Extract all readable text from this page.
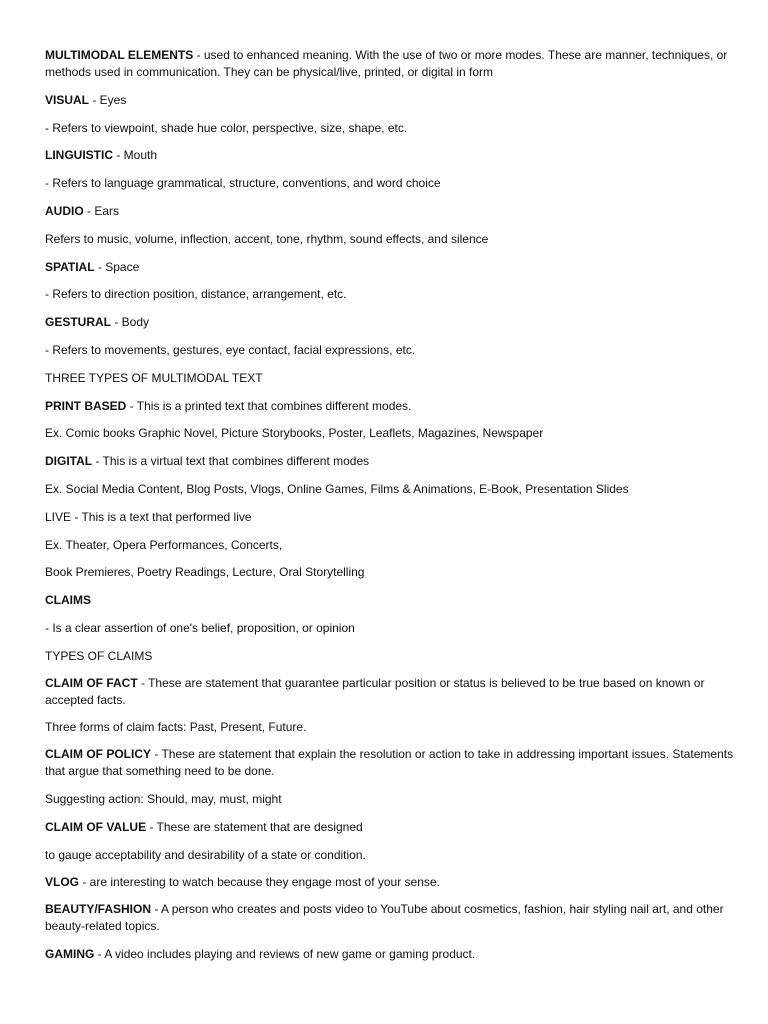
MULTIMODAL ELEMENTS - used to enhanced meaning. With the use of two or more modes. These are manner, techniques, or methods used in communication. They can be physical/live, printed, or digital in form

VISUAL - Eyes

- Refers to viewpoint, shade hue color, perspective, size, shape, etc.

LINGUISTIC - Mouth

- Refers to language grammatical, structure, conventions, and word choice

AUDIO - Ears

Refers to music, volume, inflection, accent, tone, rhythm, sound effects, and silence

SPATIAL - Space

- Refers to direction position, distance, arrangement, etc.

GESTURAL - Body

- Refers to movements, gestures, eye contact, facial expressions, etc.

THREE TYPES OF MULTIMODAL TEXT

PRINT BASED - This is a printed text that combines different modes.

Ex. Comic books Graphic Novel, Picture Storybooks, Poster, Leaflets, Magazines, Newspaper

DIGITAL - This is a virtual text that combines different modes

Ex. Social Media Content, Blog Posts, Vlogs, Online Games, Films & Animations, E-Book, Presentation Slides

LIVE - This is a text that performed live

Ex. Theater, Opera Performances, Concerts,

Book Premieres, Poetry Readings, Lecture, Oral Storytelling

CLAIMS

- Is a clear assertion of one's belief, proposition, or opinion

TYPES OF CLAIMS

CLAIM OF FACT - These are statement that guarantee particular position or status is believed to be true based on known or accepted facts.

Three forms of claim facts: Past, Present, Future.

CLAIM OF POLICY - These are statement that explain the resolution or action to take in addressing important issues. Statements that argue that something need to be done.

Suggesting action: Should, may, must, might

CLAIM OF VALUE - These are statement that are designed

to gauge acceptability and desirability of a state or condition.

VLOG - are interesting to watch because they engage most of your sense.

BEAUTY/FASHION - A person who creates and posts video to YouTube about cosmetics, fashion, hair styling nail art, and other beauty-related topics.

GAMING - A video includes playing and reviews of new game or gaming product.
